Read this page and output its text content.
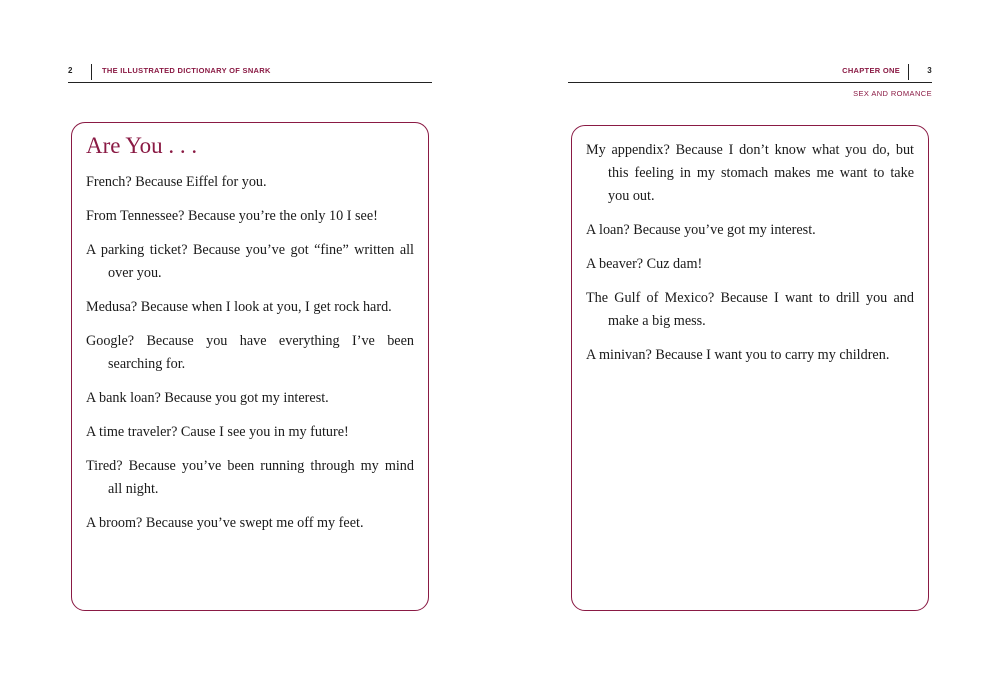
2	THE ILLUSTRATED DICTIONARY OF SNARK	CHAPTER ONE	3
SEX AND ROMANCE
Are You . . .

French? Because Eiffel for you.

From Tennessee? Because you’re the only 10 I see!

A parking ticket? Because you’ve got “fine” written all over you.

Medusa? Because when I look at you, I get rock hard.

Google? Because you have everything I’ve been searching for.

A bank loan? Because you got my interest.

A time traveler? Cause I see you in my future!

Tired? Because you’ve been running through my mind all night.

A broom? Because you’ve swept me off my feet.

My appendix? Because I don’t know what you do, but this feeling in my stomach makes me want to take you out.

A loan? Because you’ve got my interest.

A beaver? Cuz dam!

The Gulf of Mexico? Because I want to drill you and make a big mess.

A minivan? Because I want you to carry my children.
